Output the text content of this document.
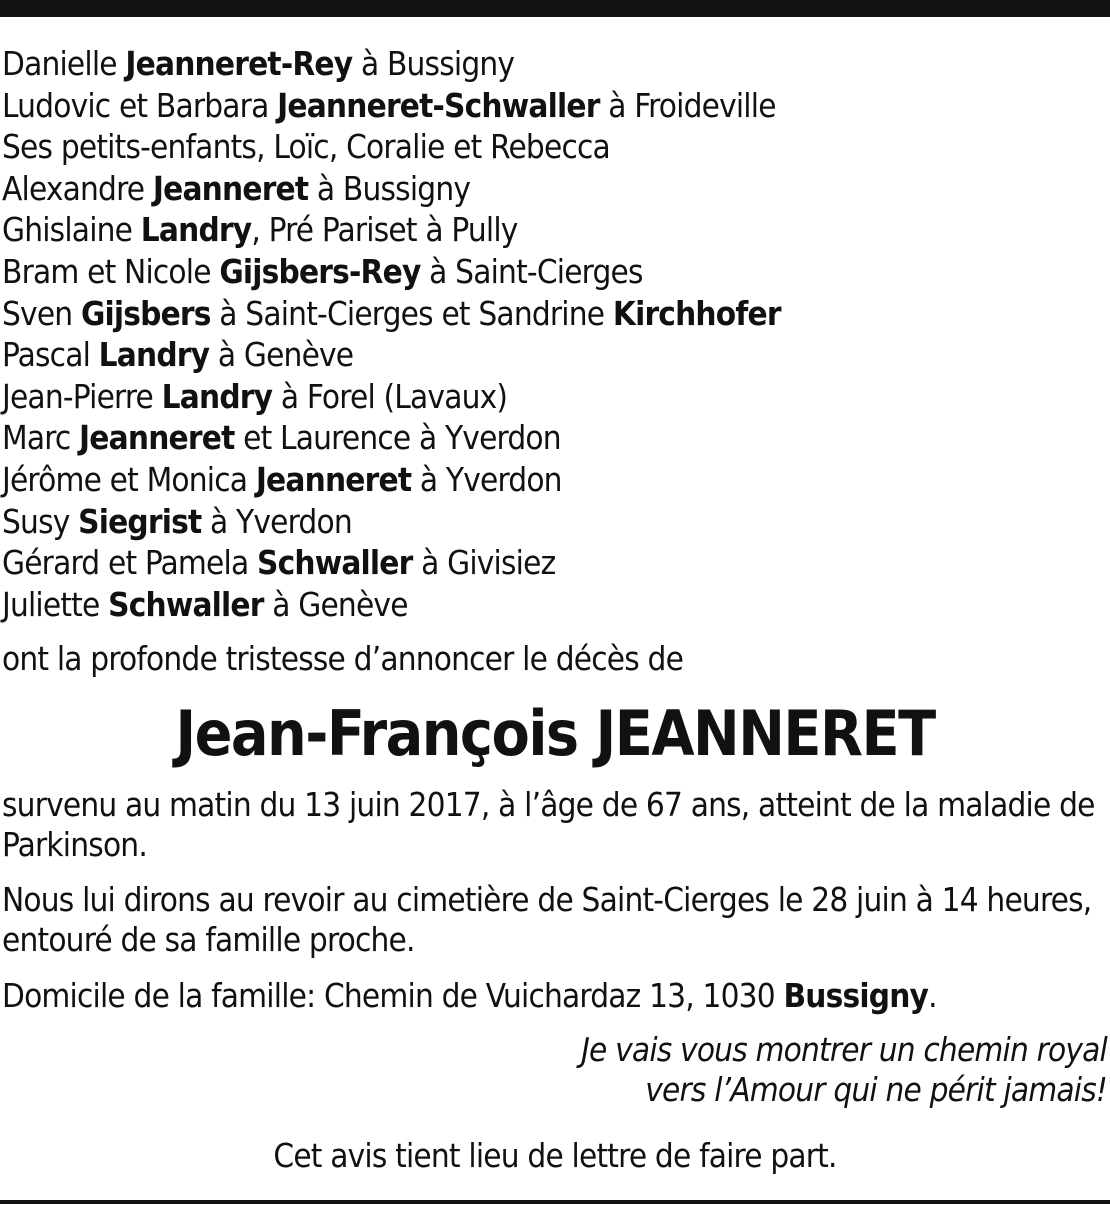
Danielle Jeanneret-Rey à Bussigny
Ludovic et Barbara Jeanneret-Schwaller à Froideville
Ses petits-enfants, Loïc, Coralie et Rebecca
Alexandre Jeanneret à Bussigny
Ghislaine Landry, Pré Pariset à Pully
Bram et Nicole Gijsbers-Rey à Saint-Cierges
Sven Gijsbers à Saint-Cierges et Sandrine Kirchhofer
Pascal Landry à Genève
Jean-Pierre Landry à Forel (Lavaux)
Marc Jeanneret et Laurence à Yverdon
Jérôme et Monica Jeanneret à Yverdon
Susy Siegrist à Yverdon
Gérard et Pamela Schwaller à Givisiez
Juliette Schwaller à Genève
ont la profonde tristesse d’annoncer le décès de
Jean-François JEANNERET
survenu au matin du 13 juin 2017, à l’âge de 67 ans, atteint de la maladie de Parkinson.
Nous lui dirons au revoir au cimetière de Saint-Cierges le 28 juin à 14 heures, entouré de sa famille proche.
Domicile de la famille: Chemin de Vuichardaz 13, 1030 Bussigny.
Je vais vous montrer un chemin royal
vers l’Amour qui ne périt jamais!
Cet avis tient lieu de lettre de faire part.
